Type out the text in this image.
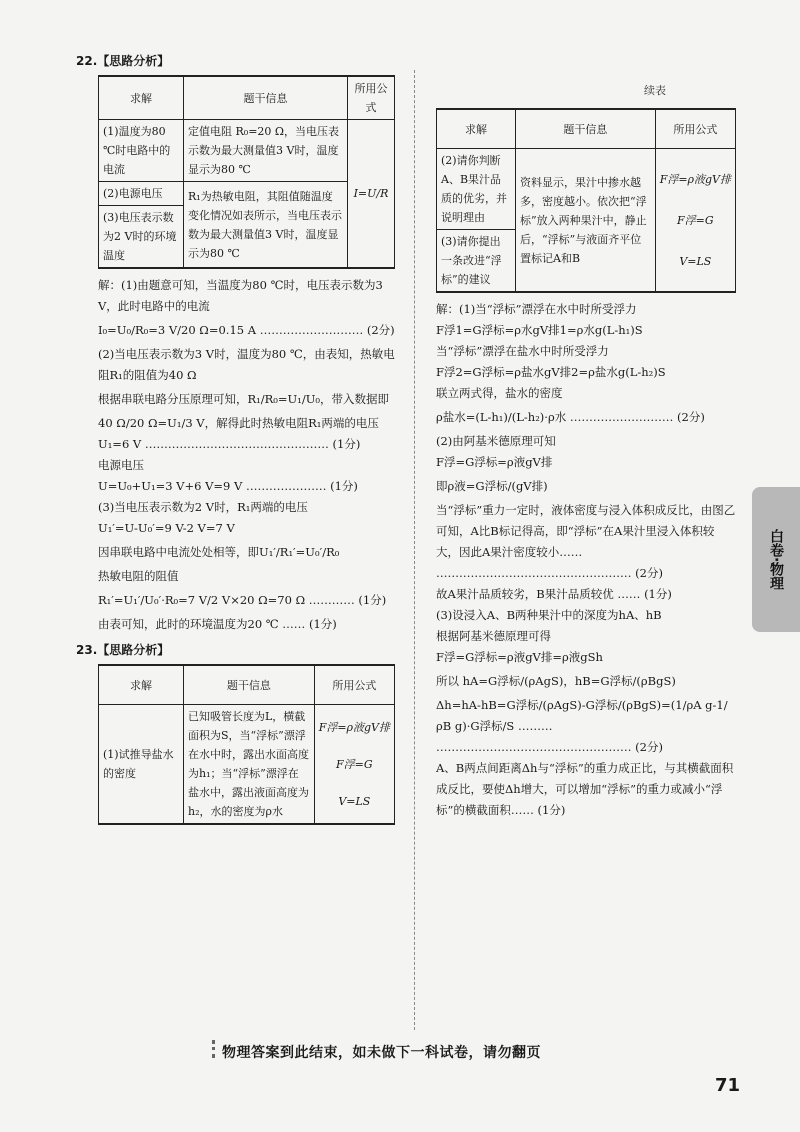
22.【思路分析】
求解	题干信息	所用公式
(1)温度为80 ℃时电路中的电流	定值电阻 R₀=20 Ω，当电压表示数为最大测量值3 V时，温度显示为80 ℃	I=U/R
(2)电源电压	R₁为热敏电阻，其阻值随温度变化情况如表所示，当电压表示数为最大测量值3 V时，温度显示为80 ℃	
(3)电压表示数为2 V时的环境温度		

解：(1)由题意可知，当温度为80 ℃时，电压表示数为3 V，此时电路中的电流

I₀=U₀/R₀=3 V/20 Ω=0.15 A ……………………… (2分)

(2)当电压表示数为3 V时，温度为80 ℃，由表知，热敏电阻R₁的阻值为40 Ω

根据串联电路分压原理可知，R₁/R₀=U₁/U₀，带入数据即

40 Ω/20 Ω=U₁/3 V，解得此时热敏电阻R₁两端的电压

U₁=6 V ………………………………………… (1分)

电源电压

U=U₀+U₁=3 V+6 V=9 V ………………… (1分)

(3)当电压表示数为2 V时，R₁两端的电压

U₁′=U-U₀′=9 V-2 V=7 V

因串联电路中电流处处相等，即U₁′/R₁′=U₀′/R₀

热敏电阻的阻值

R₁′=U₁′/U₀′·R₀=7 V/2 V×20 Ω=70 Ω ………… (1分)

由表可知，此时的环境温度为20 ℃ …… (1分)

23.【思路分析】
求解	题干信息	所用公式
(1)试推导盐水的密度	已知吸管长度为L，横截面积为S，当“浮标”漂浮在水中时，露出水面高度为h₁；当“浮标”漂浮在盐水中，露出液面高度为h₂，水的密度为ρ水	F浮=ρ液gV排
F浮=G
V=LS
续表
求解	题干信息	所用公式
(2)请你判断A、B果汁品质的优劣，并说明理由	资料显示，果汁中掺水越多，密度越小。依次把“浮标”放入两种果汁中，静止后，“浮标”与液面齐平位置标记A和B	F浮=ρ液gV排
F浮=G
V=LS

(3)请你提出一条改进“浮标”的建议		

解：(1)当“浮标”漂浮在水中时所受浮力

F浮1=G浮标=ρ水gV排1=ρ水g(L-h₁)S

当“浮标”漂浮在盐水中时所受浮力

F浮2=G浮标=ρ盐水gV排2=ρ盐水g(L-h₂)S

联立两式得，盐水的密度

ρ盐水=(L-h₁)/(L-h₂)·ρ水 ……………………… (2分)

(2)由阿基米德原理可知

F浮=G浮标=ρ液gV排

即ρ液=G浮标/(gV排)

当“浮标”重力一定时，液体密度与浸入体积成反比，由图乙可知，A比B标记得高，即“浮标”在A果汁里浸入体积较大，因此A果汁密度较小……

…………………………………………… (2分)

故A果汁品质较劣，B果汁品质较优 …… (1分)

(3)设浸入A、B两种果汁中的深度为hA、hB

根据阿基米德原理可得

F浮=G浮标=ρ液gV排=ρ液gSh

所以 hA=G浮标/(ρAgS)，hB=G浮标/(ρBgS)

Δh=hA-hB=G浮标/(ρAgS)-G浮标/(ρBgS)=(1/ρA g-1/ρB g)·G浮标/S ………

…………………………………………… (2分)

A、B两点间距离Δh与“浮标”的重力成正比，与其横截面积成反比，要使Δh增大，可以增加“浮标”的重力或减小“浮标”的横截面积…… (1分)

白卷·物理
物理答案到此结束，如未做下一科试卷，请勿翻页
71
